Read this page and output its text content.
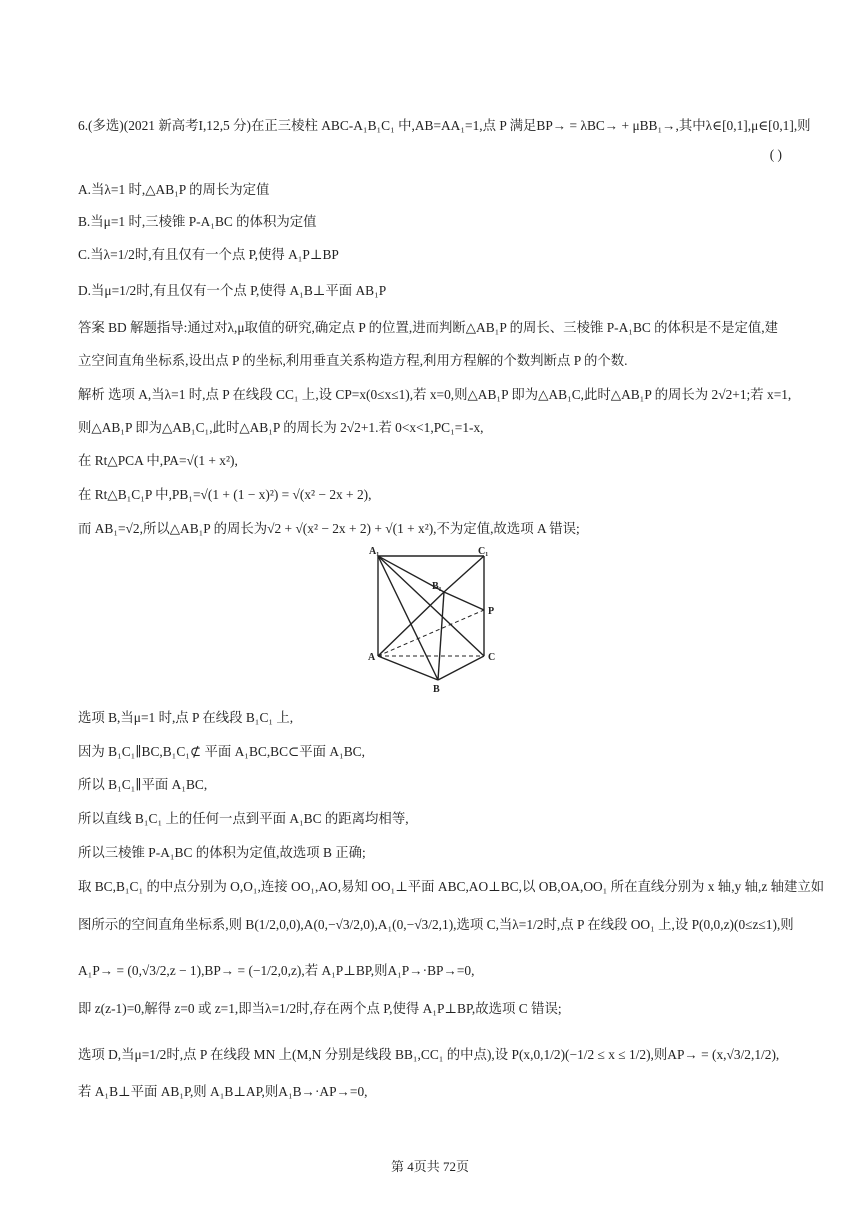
6.(多选)(2021 新高考I,12,5 分)在正三棱柱 ABC-A₁B₁C₁ 中,AB=AA₁=1,点 P 满足BP→ = λBC→ + μBB₁→,其中λ∈[0,1],μ∈[0,1],则
( )
A.当λ=1 时,△AB₁P 的周长为定值
B.当μ=1 时,三棱锥 P-A₁BC 的体积为定值
C.当λ=1/2时,有且仅有一个点 P,使得 A₁P⊥BP
D.当μ=1/2时,有且仅有一个点 P,使得 A₁B⊥平面 AB₁P
答案 BD 解题指导:通过对λ,μ取值的研究,确定点 P 的位置,进而判断△AB₁P 的周长、三棱锥 P-A₁BC 的体积是不是定值,建
立空间直角坐标系,设出点 P 的坐标,利用垂直关系构造方程,利用方程解的个数判断点 P 的个数.
解析 选项 A,当λ=1 时,点 P 在线段 CC₁ 上,设 CP=x(0≤x≤1),若 x=0,则△AB₁P 即为△AB₁C,此时△AB₁P 的周长为 2√2+1;若 x=1,
则△AB₁P 即为△AB₁C₁,此时△AB₁P 的周长为 2√2+1.若 0<x<1,PC₁=1-x,
在 Rt△PCA 中,PA=√(1 + x²),
在 Rt△B₁C₁P 中,PB₁=√(1 + (1 − x)²) = √(x² − 2x + 2),
而 AB₁=√2,所以△AB₁P 的周长为√2 + √(x² − 2x + 2) + √(1 + x²),不为定值,故选项 A 错误;
A₁	C₁
B₁
P
A	C
B
选项 B,当μ=1 时,点 P 在线段 B₁C₁ 上,
因为 B₁C₁∥BC,B₁C₁⊄ 平面 A₁BC,BC⊂平面 A₁BC,
所以 B₁C₁∥平面 A₁BC,
所以直线 B₁C₁ 上的任何一点到平面 A₁BC 的距离均相等,
所以三棱锥 P-A₁BC 的体积为定值,故选项 B 正确;
取 BC,B₁C₁ 的中点分别为 O,O₁,连接 OO₁,AO,易知 OO₁⊥平面 ABC,AO⊥BC,以 OB,OA,OO₁ 所在直线分别为 x 轴,y 轴,z 轴建立如
图所示的空间直角坐标系,则 B(1/2,0,0),A(0,−√3/2,0),A₁(0,−√3/2,1),选项 C,当λ=1/2时,点 P 在线段 OO₁ 上,设 P(0,0,z)(0≤z≤1),则
A₁P→ = (0,√3/2,z − 1),BP→ = (−1/2,0,z),若 A₁P⊥BP,则A₁P→·BP→=0,
即 z(z-1)=0,解得 z=0 或 z=1,即当λ=1/2时,存在两个点 P,使得 A₁P⊥BP,故选项 C 错误;
选项 D,当μ=1/2时,点 P 在线段 MN 上(M,N 分别是线段 BB₁,CC₁ 的中点),设 P(x,0,1/2)(−1/2 ≤ x ≤ 1/2),则AP→ = (x,√3/2,1/2),
若 A₁B⊥平面 AB₁P,则 A₁B⊥AP,则A₁B→·AP→=0,
第 4页共 72页
